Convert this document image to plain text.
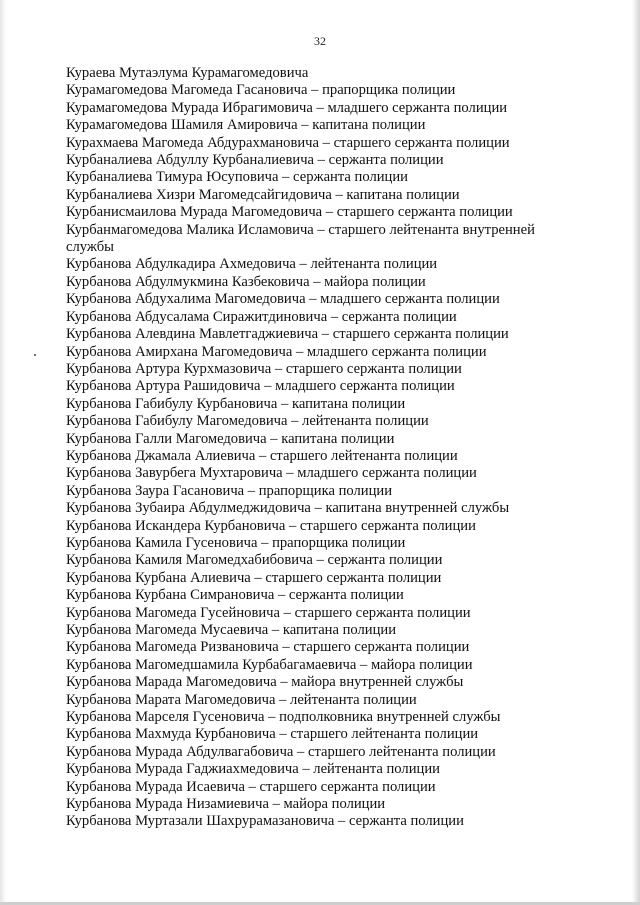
32
Кураева Мутаэлума Курамагомедовича
Курамагомедова Магомеда Гасановича – прапорщика полиции
Курамагомедова Мурада Ибрагимовича – младшего сержанта полиции
Курамагомедова Шамиля Амировича – капитана полиции
Курахмаева Магомеда Абдурахмановича – старшего сержанта полиции
Курбаналиева Абдуллу Курбаналиевича – сержанта полиции
Курбаналиева Тимура Юсуповича – сержанта полиции
Курбаналиева Хизри Магомедсайгидовича – капитана полиции
Курбанисмаилова Мурада Магомедовича – старшего сержанта полиции
Курбанмагомедова Малика Исламовича – старшего лейтенанта внутренней
службы
Курбанова Абдулкадира Ахмедовича – лейтенанта полиции
Курбанова Абдулмукмина Казбековича – майора полиции
Курбанова Абдухалима Магомедовича – младшего сержанта полиции
Курбанова Абдусалама Сиражитдиновича – сержанта полиции
Курбанова Алевдина Мавлетгаджиевича – старшего сержанта полиции
Курбанова Амирхана Магомедовича – младшего сержанта полиции
Курбанова Артура Курхмазовича – старшего сержанта полиции
Курбанова Артура Рашидовича – младшего сержанта полиции
Курбанова Габибулу Курбановича – капитана полиции
Курбанова Габибулу Магомедовича – лейтенанта полиции
Курбанова Галли Магомедовича – капитана полиции
Курбанова Джамала Алиевича – старшего лейтенанта полиции
Курбанова Завурбега Мухтаровича – младшего сержанта полиции
Курбанова Заура Гасановича – прапорщика полиции
Курбанова Зубаира Абдулмеджидовича – капитана внутренней службы
Курбанова Искандера Курбановича – старшего сержанта полиции
Курбанова Камила Гусеновича – прапорщика полиции
Курбанова Камиля Магомедхабибовича – сержанта полиции
Курбанова Курбана Алиевича – старшего сержанта полиции
Курбанова Курбана Симрановича – сержанта полиции
Курбанова Магомеда Гусейновича – старшего сержанта полиции
Курбанова Магомеда Мусаевича – капитана полиции
Курбанова Магомеда Ризвановича – старшего сержанта полиции
Курбанова Магомедшамила Курбабагамаевича – майора полиции
Курбанова Марада Магомедовича – майора внутренней службы
Курбанова Марата Магомедовича – лейтенанта полиции
Курбанова Марселя Гусеновича – подполковника внутренней службы
Курбанова Махмуда Курбановича – старшего лейтенанта полиции
Курбанова Мурада Абдулвагабовича – старшего лейтенанта полиции
Курбанова Мурада Гаджиахмедовича – лейтенанта полиции
Курбанова Мурада Исаевича – старшего сержанта полиции
Курбанова Мурада Низамиевича – майора полиции
Курбанова Муртазали Шахрурамазановича – сержанта полиции
